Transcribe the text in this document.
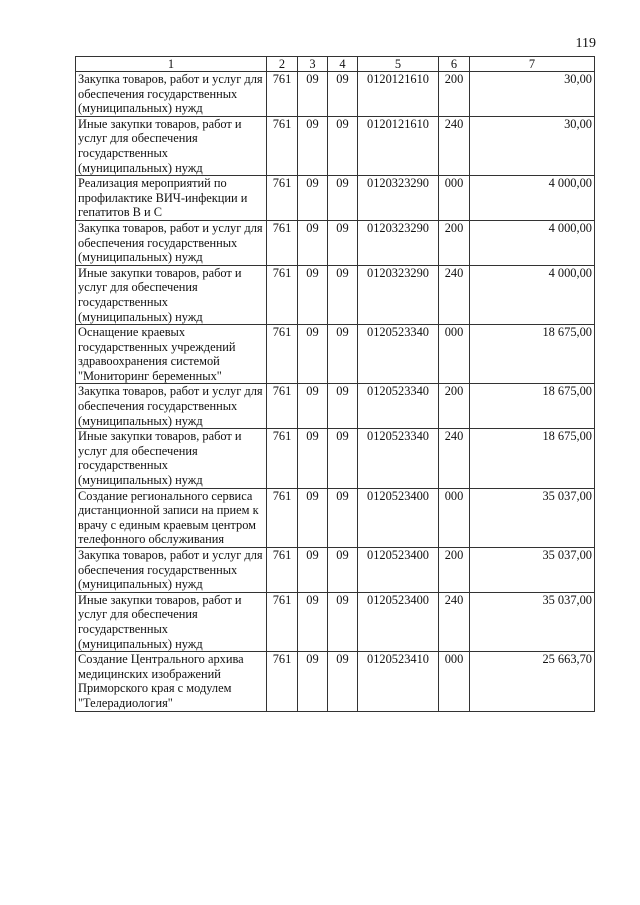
119
1	2	3	4	5	6	7
Закупка товаров, работ и услуг для обеспечения государственных (муниципальных) нужд	761	09	09	0120121610	200	30,00
Иные закупки товаров, работ и услуг для обеспечения государственных (муниципальных) нужд	761	09	09	0120121610	240	30,00
Реализация мероприятий по профилактике ВИЧ-инфекции и гепатитов В и С	761	09	09	0120323290	000	4 000,00
Закупка товаров, работ и услуг для обеспечения государственных (муниципальных) нужд	761	09	09	0120323290	200	4 000,00
Иные закупки товаров, работ и услуг для обеспечения государственных (муниципальных) нужд	761	09	09	0120323290	240	4 000,00
Оснащение краевых государственных учреждений здравоохранения системой "Мониторинг беременных"	761	09	09	0120523340	000	18 675,00
Закупка товаров, работ и услуг для обеспечения государственных (муниципальных) нужд	761	09	09	0120523340	200	18 675,00
Иные закупки товаров, работ и услуг для обеспечения государственных (муниципальных) нужд	761	09	09	0120523340	240	18 675,00
Создание регионального сервиса дистанционной записи на прием к врачу с единым краевым центром телефонного обслуживания	761	09	09	0120523400	000	35 037,00
Закупка товаров, работ и услуг для обеспечения государственных (муниципальных) нужд	761	09	09	0120523400	200	35 037,00
Иные закупки товаров, работ и услуг для обеспечения государственных (муниципальных) нужд	761	09	09	0120523400	240	35 037,00
Создание Центрального архива медицинских изображений Приморского края с модулем "Телерадиология"	761	09	09	0120523410	000	25 663,70
